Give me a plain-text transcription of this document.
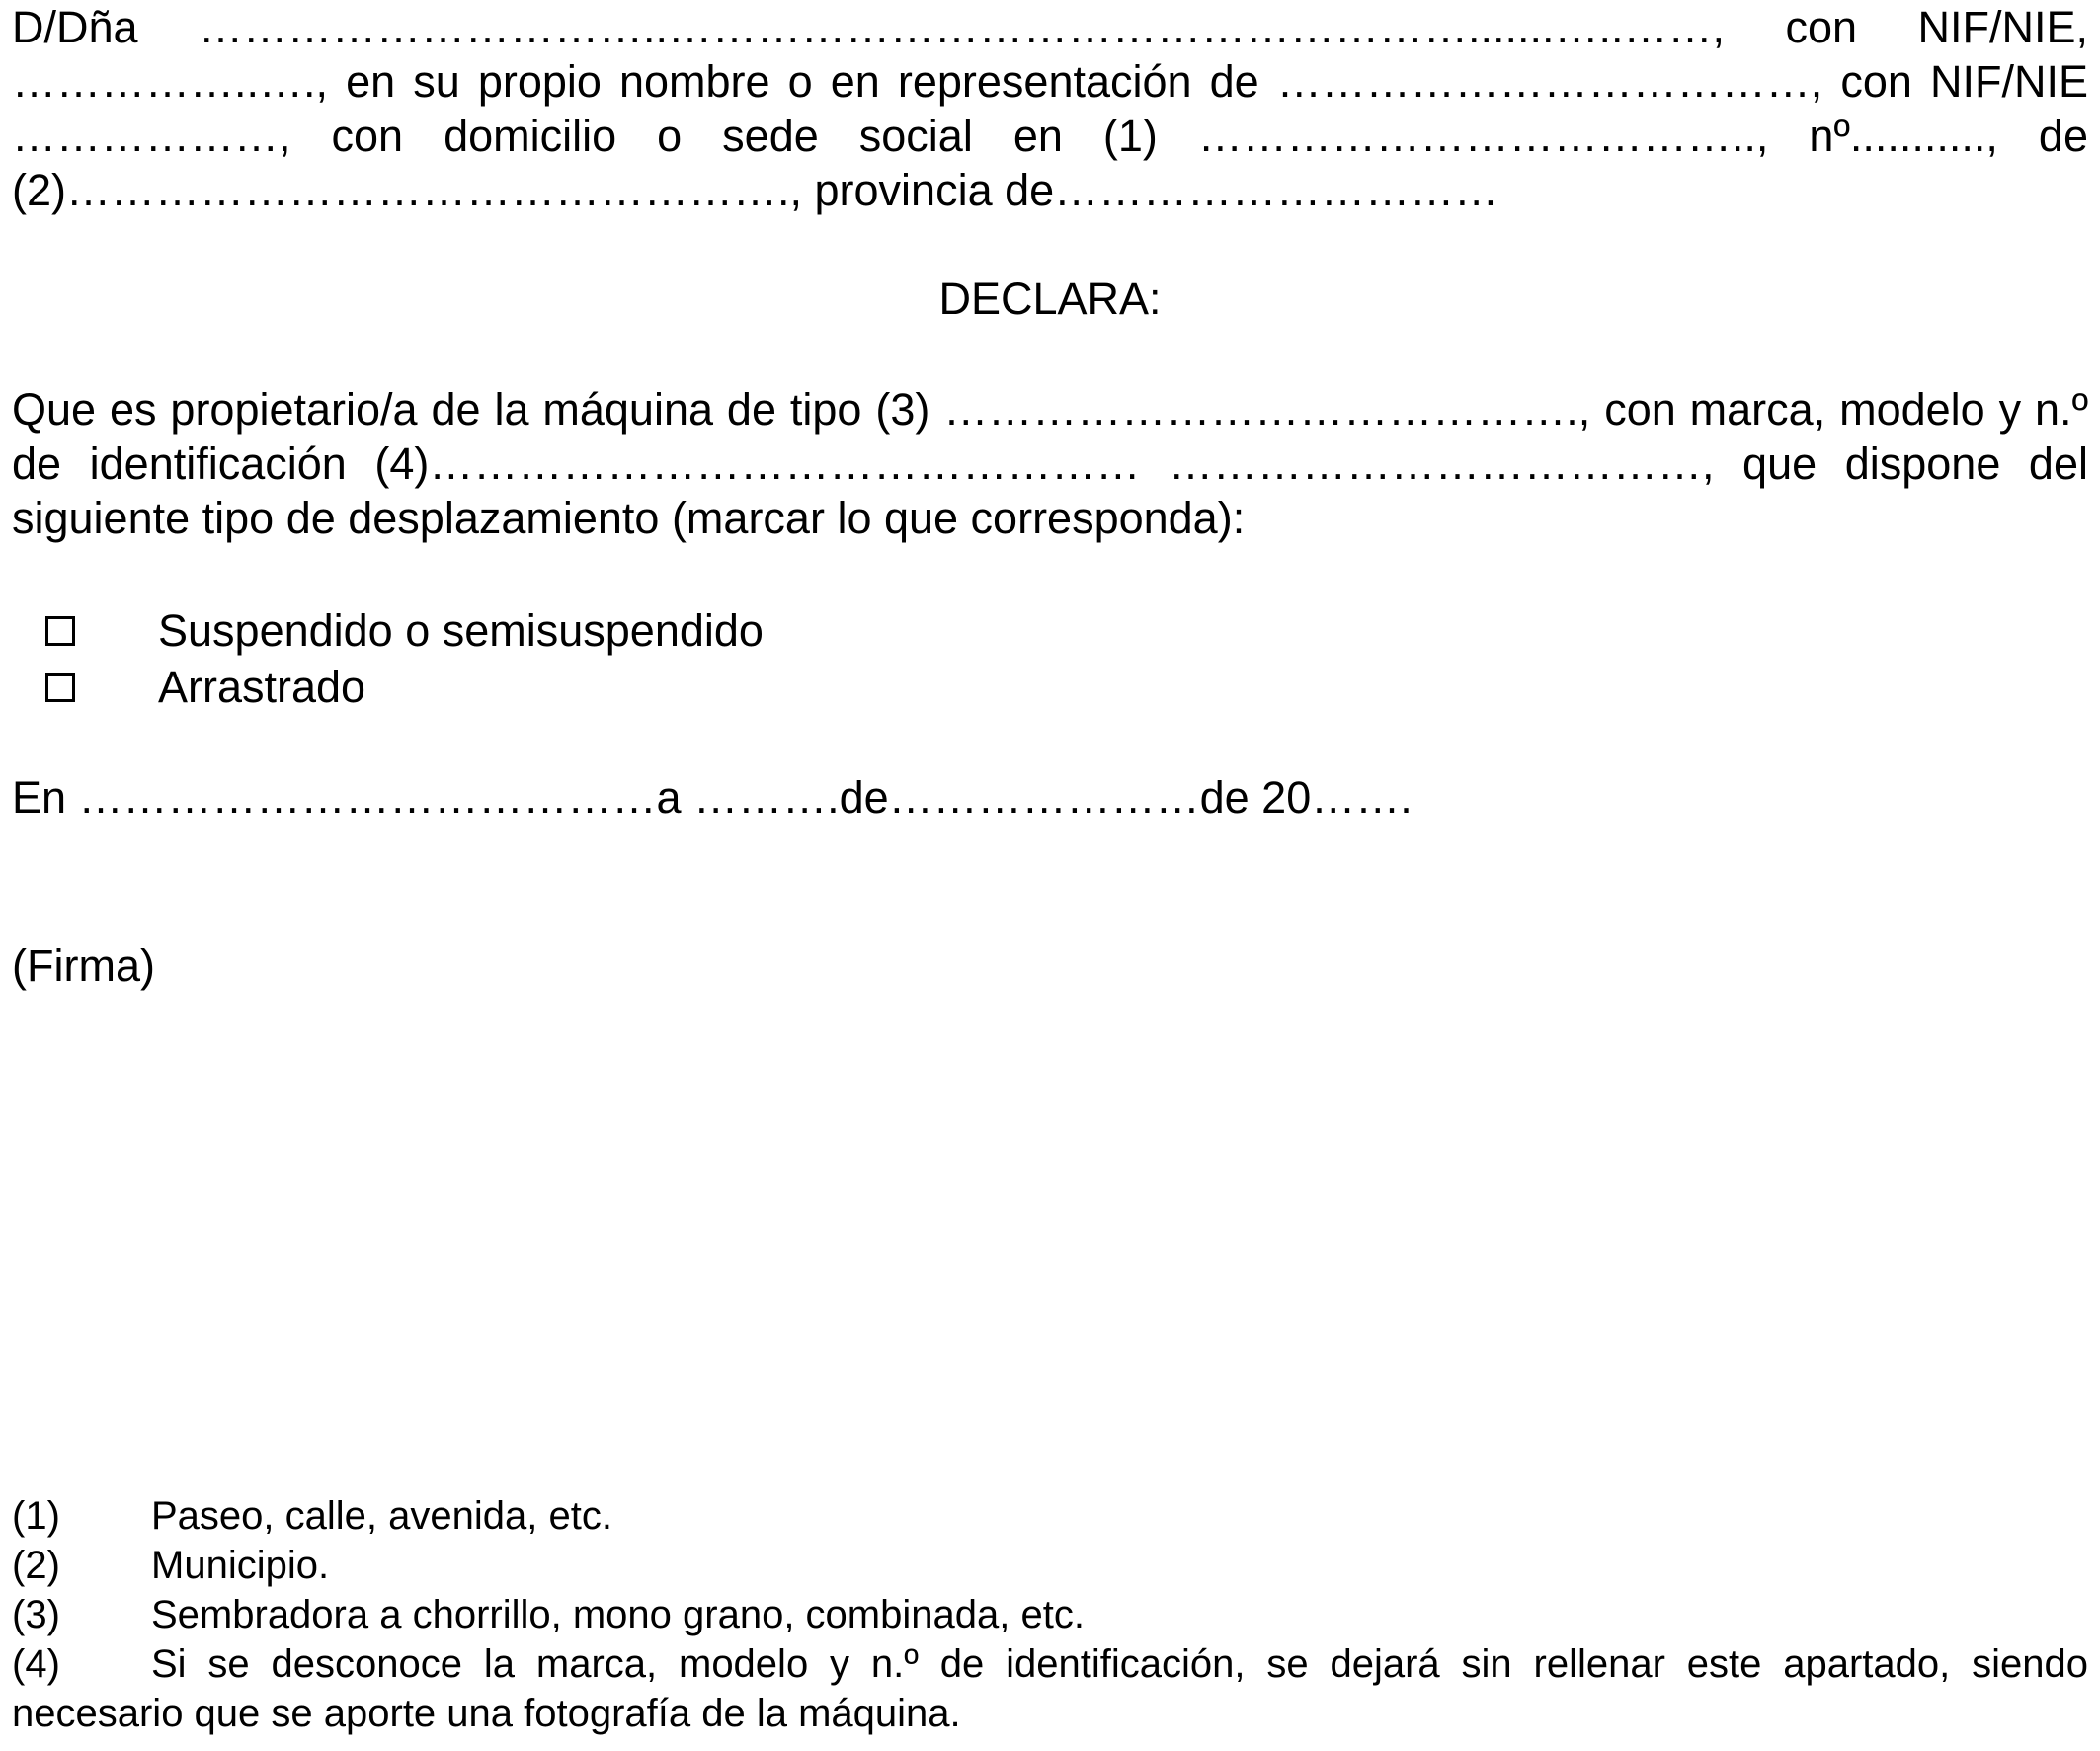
D/Dña …………………………..……………………………………………….......…..……, con NIF/NIE, ……………..…., en su propio nombre o en representación de ………………………………, con NIF/NIE ………………, con domicilio o sede social en (1) ……………………………….., nº..........., de (2)…………………………………………., provincia de…………………………

DECLARA:

Que es propietario/a de la máquina de tipo (3) ……………………………………., con marca, modelo y n.º de identificación (4)………………………………………… ………………………………, que dispone del siguiente tipo de desplazamiento (marcar lo que corresponda):

Suspendido o semisuspendido
Arrastrado
En …………………………………a ……….de…………………de 20…….
(Firma)

(1) Paseo, calle, avenida, etc.

(2) Municipio.

(3) Sembradora a chorrillo, mono grano, combinada, etc.

(4) Si se desconoce la marca, modelo y n.º de identificación, se dejará sin rellenar este apartado, siendo necesario que se aporte una fotografía de la máquina.
